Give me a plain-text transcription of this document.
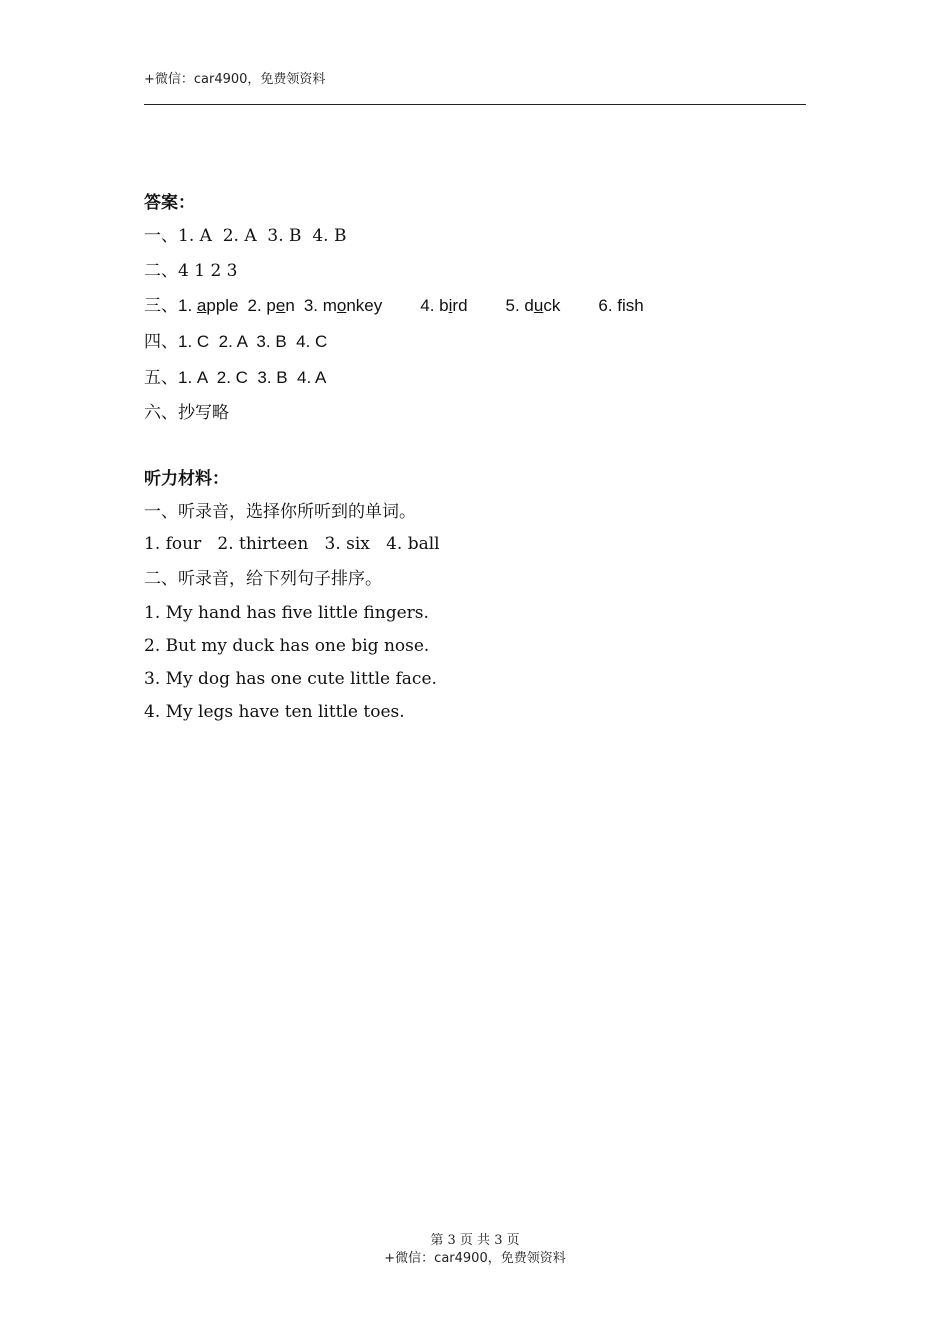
+微信：car4900，免费领资料
答案：
一、1. A  2. A  3. B  4. B
二、4 1 2 3
三、1. apple 2. pen 3. monkey 4. bird 5. duck 6. fish
四、1. C  2. A  3. B  4. C
五、1. A  2. C  3. B  4. A
六、抄写略
听力材料：
一、听录音，选择你所听到的单词。
1. four   2. thirteen   3. six   4. ball
二、听录音，给下列句子排序。
1. My hand has five little fingers.
2. But my duck has one big nose.
3. My dog has one cute little face.
4. My legs have ten little toes.
第 3 页 共 3 页
+微信：car4900，免费领资料
